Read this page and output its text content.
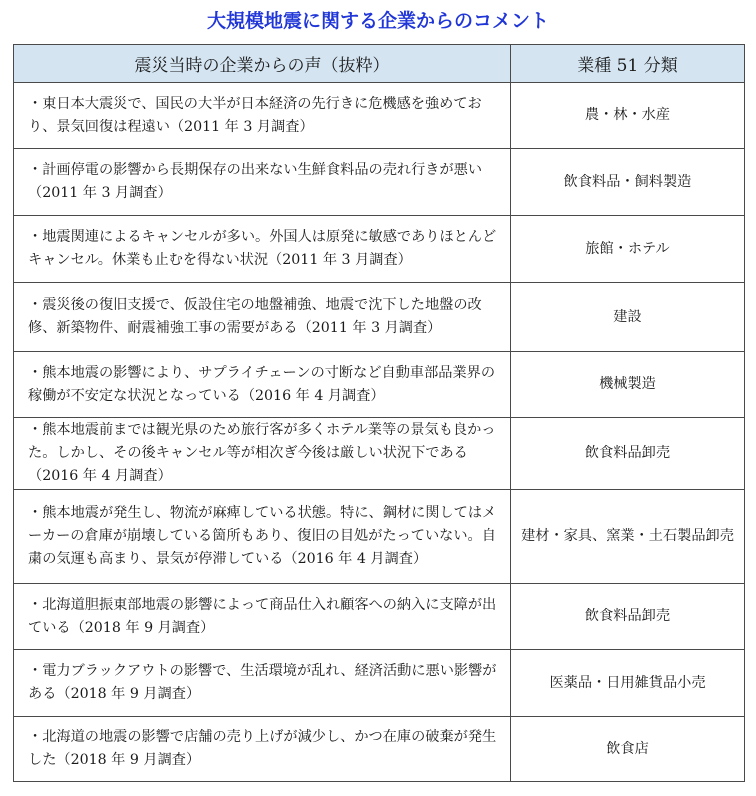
大規模地震に関する企業からのコメント
震災当時の企業からの声（抜粋）	業種 51 分類
・東日本大震災で、国民の大半が日本経済の先行きに危機感を強めており、景気回復は程遠い（2011 年 3 月調査）	農・林・水産
・計画停電の影響から長期保存の出来ない生鮮食料品の売れ行きが悪い（2011 年 3 月調査）	飲食料品・飼料製造
・地震関連によるキャンセルが多い。外国人は原発に敏感でありほとんどキャンセル。休業も止むを得ない状況（2011 年 3 月調査）	旅館・ホテル
・震災後の復旧支援で、仮設住宅の地盤補強、地震で沈下した地盤の改修、新築物件、耐震補強工事の需要がある（2011 年 3 月調査）	建設
・熊本地震の影響により、サプライチェーンの寸断など自動車部品業界の稼働が不安定な状況となっている（2016 年 4 月調査）	機械製造
・熊本地震前までは観光県のため旅行客が多くホテル業等の景気も良かった。しかし、その後キャンセル等が相次ぎ今後は厳しい状況下である（2016 年 4 月調査）	飲食料品卸売
・熊本地震が発生し、物流が麻痺している状態。特に、鋼材に関してはメーカーの倉庫が崩壊している箇所もあり、復旧の目処がたっていない。自粛の気運も高まり、景気が停滞している（2016 年 4 月調査）	建材・家具、窯業・土石製品卸売
・北海道胆振東部地震の影響によって商品仕入れ顧客への納入に支障が出ている（2018 年 9 月調査）	飲食料品卸売
・電力ブラックアウトの影響で、生活環境が乱れ、経済活動に悪い影響がある（2018 年 9 月調査）	医薬品・日用雑貨品小売
・北海道の地震の影響で店舗の売り上げが減少し、かつ在庫の破棄が発生した（2018 年 9 月調査）	飲食店
